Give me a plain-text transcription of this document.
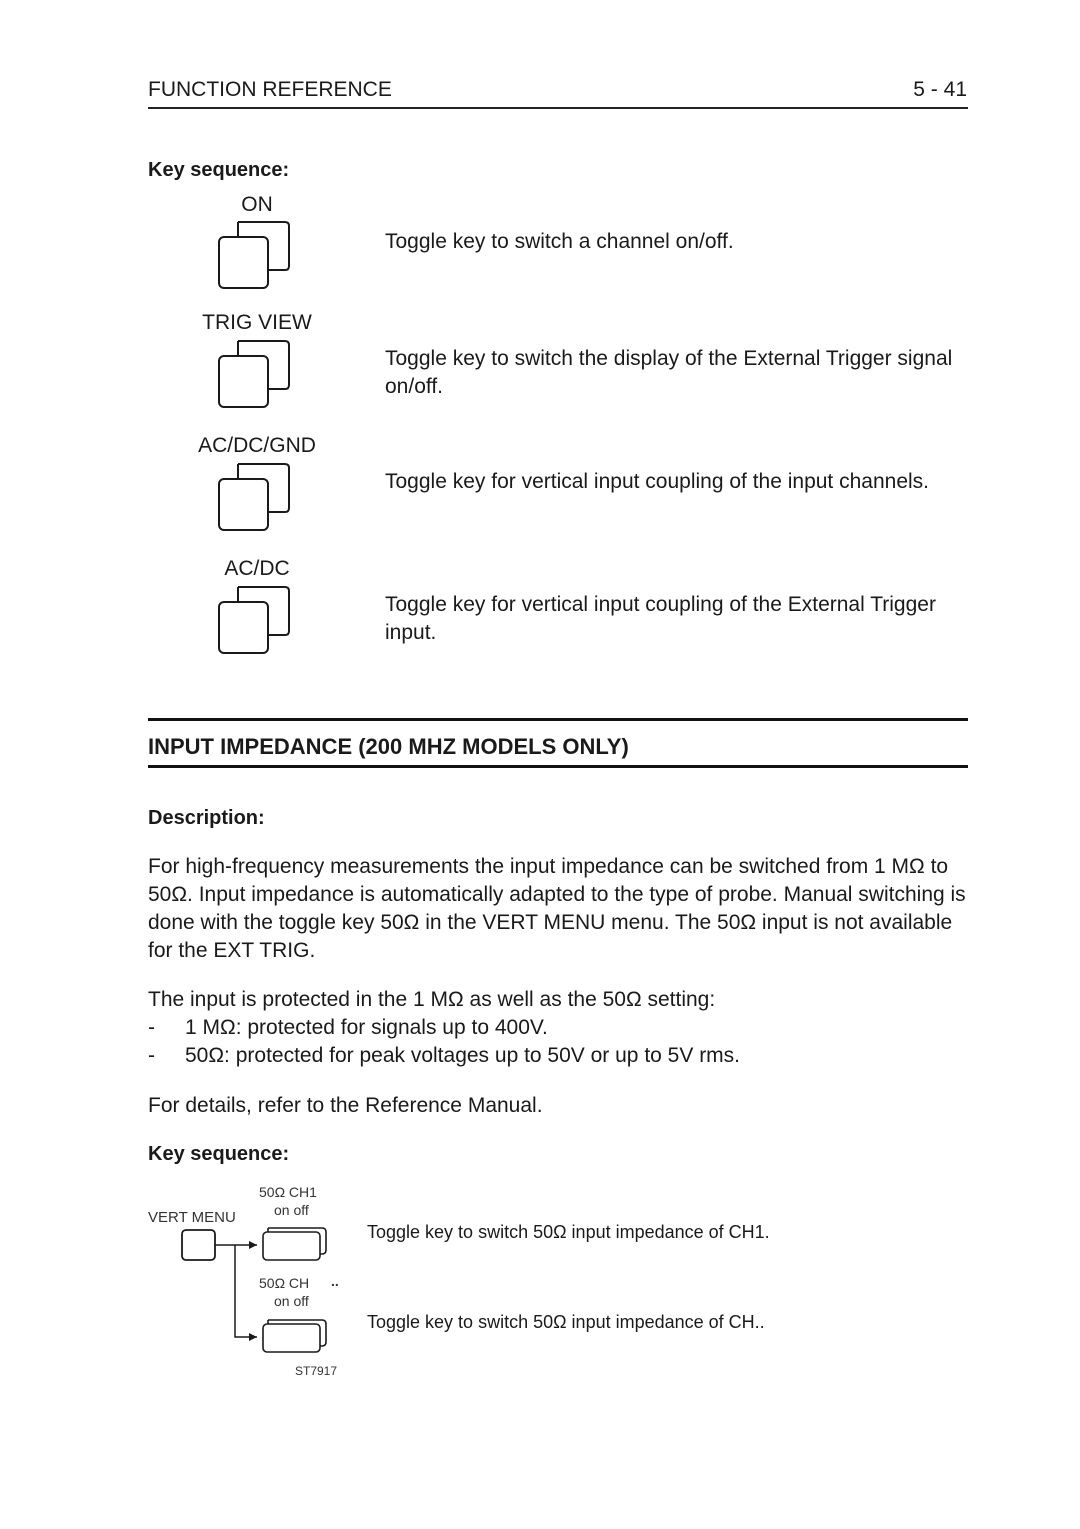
FUNCTION REFERENCE	5 - 41
Key sequence:
ON
Toggle key to switch a channel on/off.
TRIG VIEW
Toggle key to switch the display of the External Trigger signal on/off.
AC/DC/GND
Toggle key for vertical input coupling of the input channels.
AC/DC
Toggle key for vertical input coupling of the External Trigger input.
INPUT IMPEDANCE (200 MHZ MODELS ONLY)
Description:
For high-frequency measurements the input impedance can be switched from 1 MΩ to 50Ω. Input impedance is automatically adapted to the type of probe. Manual switching is done with the toggle key 50Ω in the VERT MENU menu. The 50Ω input is not available for the EXT TRIG.
The input is protected in the 1 MΩ as well as the 50Ω setting:
- 1 MΩ: protected for signals up to 400V.
- 50Ω: protected for peak voltages up to 50V or up to 5V rms.
For details, refer to the Reference Manual.
Key sequence:
VERT MENU
50Ω CH1
on off
Toggle key to switch 50Ω input impedance of CH1.
50Ω CH ..
on off
Toggle key to switch 50Ω input impedance of CH..
ST7917
